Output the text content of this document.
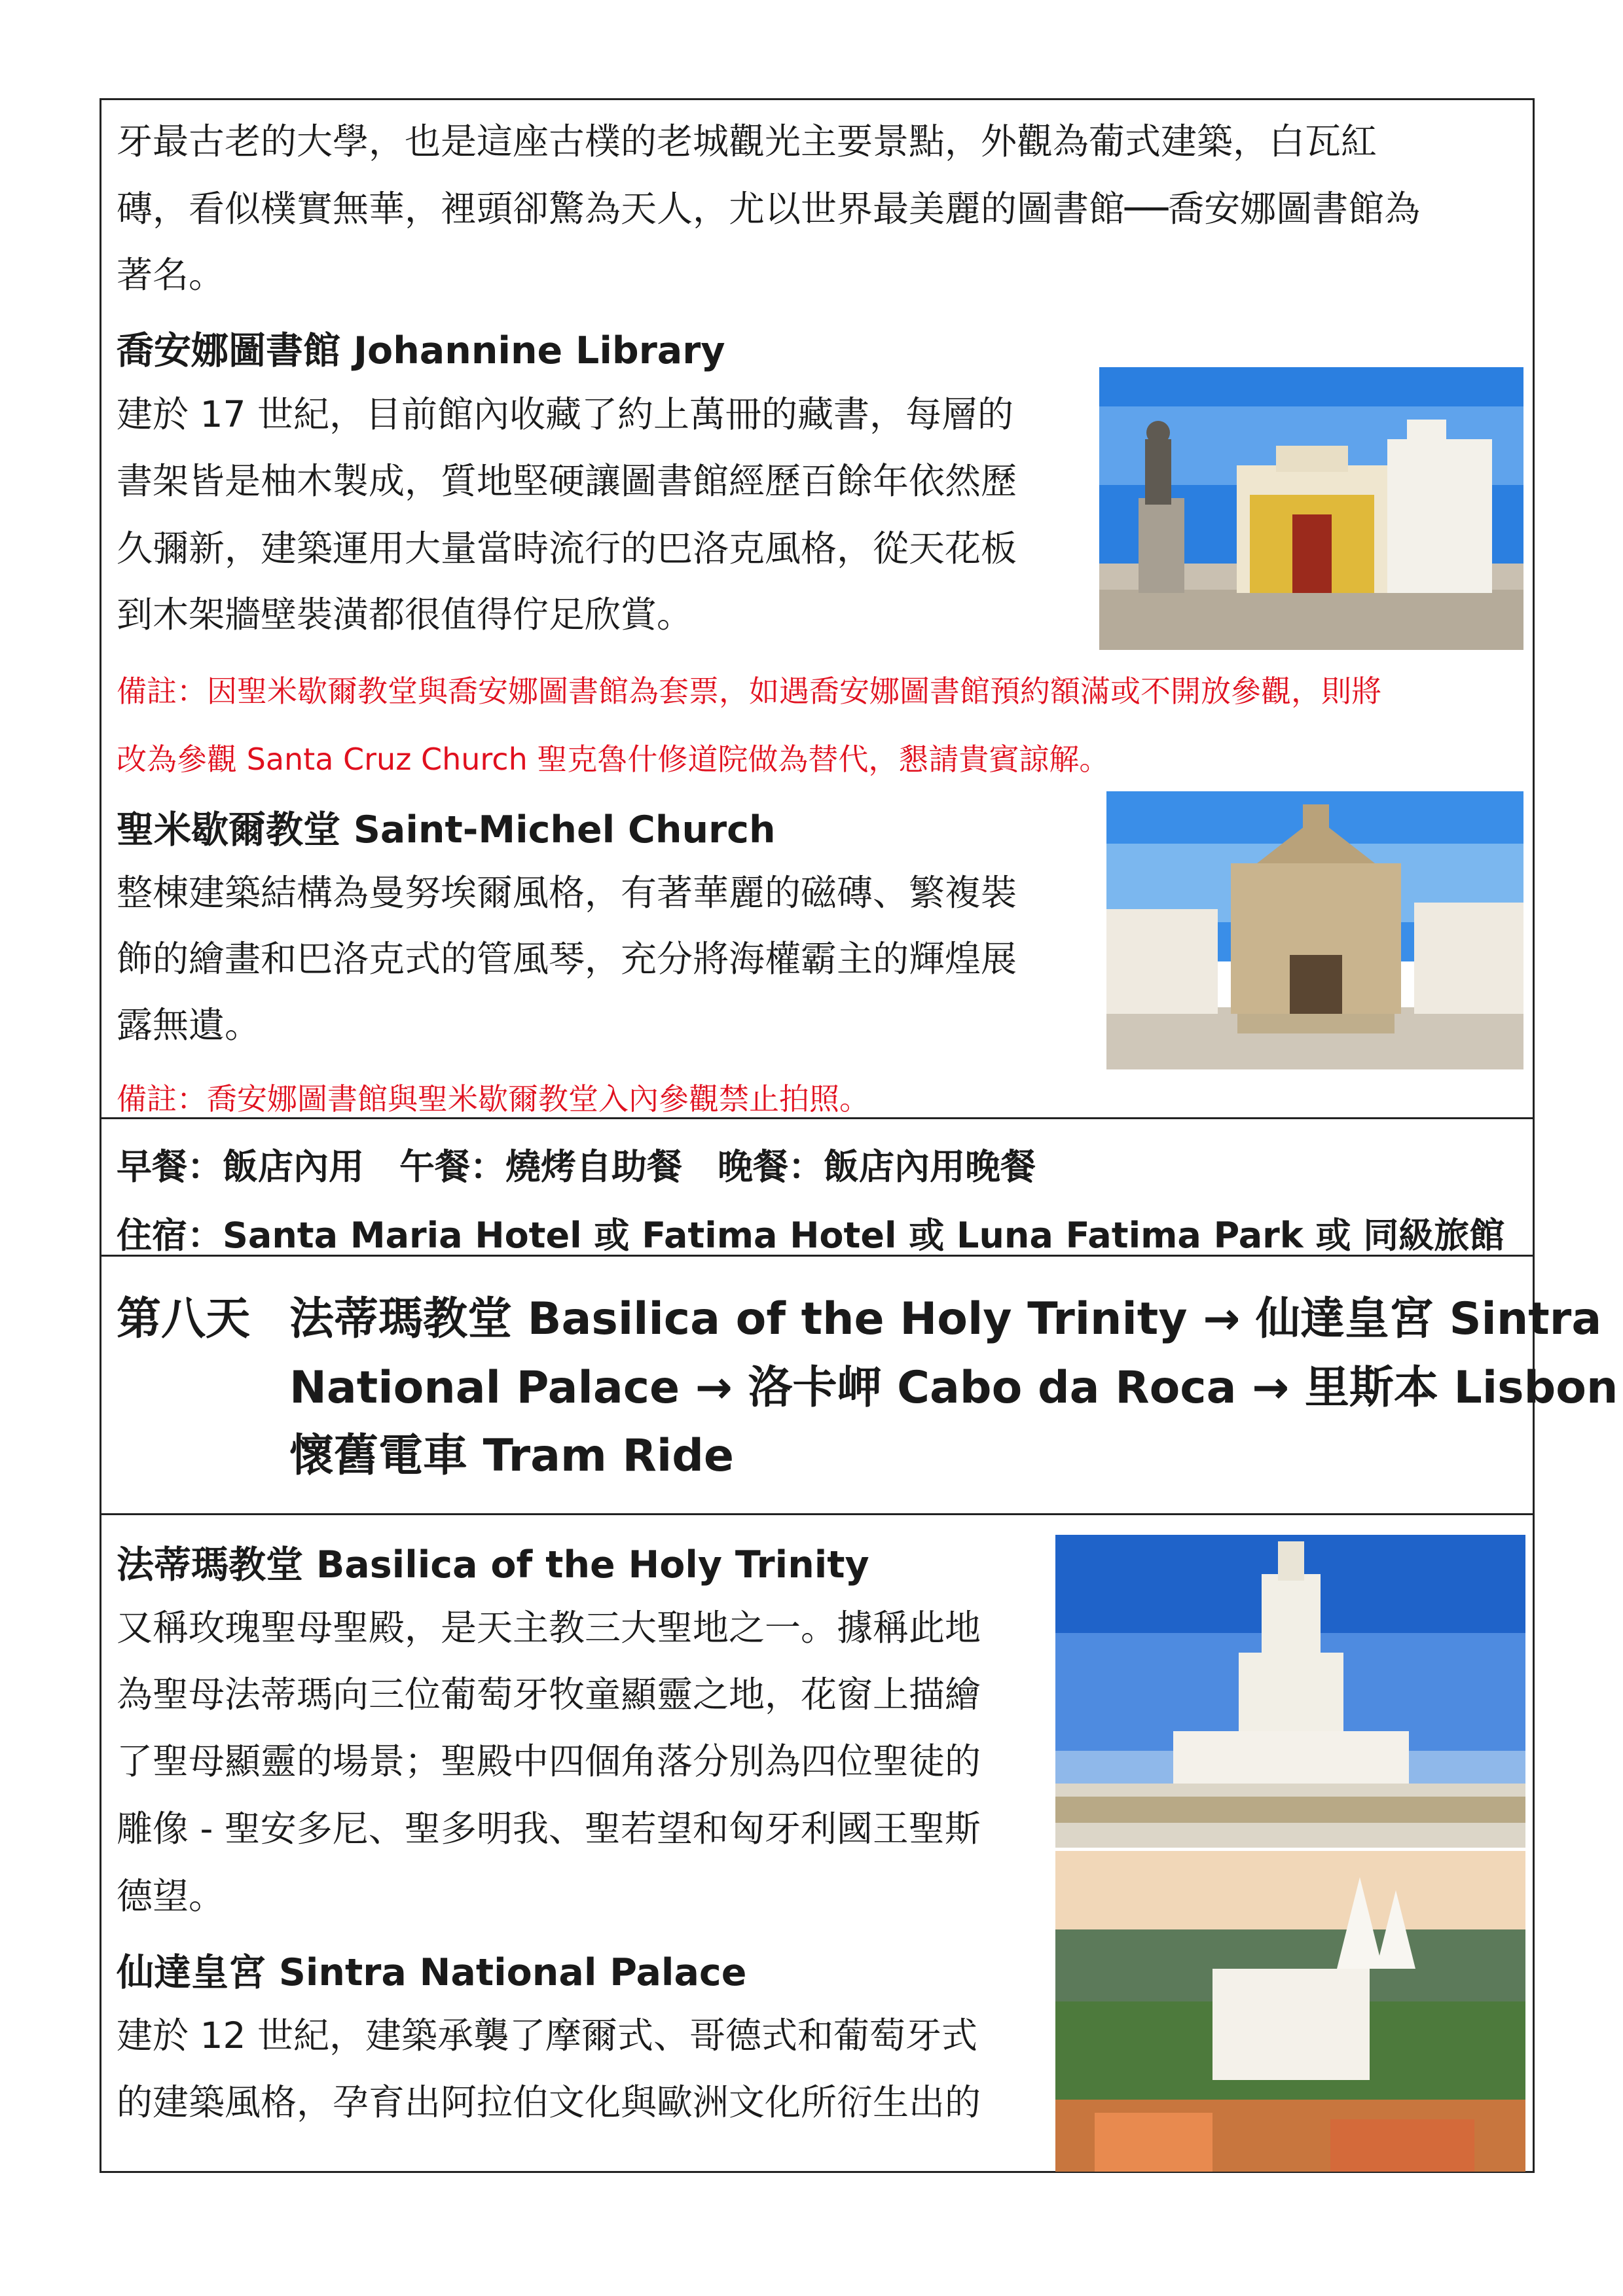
牙最古老的大學，也是這座古樸的老城觀光主要景點，外觀為葡式建築，白瓦紅
磚，看似樸實無華，裡頭卻驚為天人，尤以世界最美麗的圖書館──喬安娜圖書館為
著名。
喬安娜圖書館 Johannine Library
建於 17 世紀，目前館內收藏了約上萬冊的藏書，每層的
書架皆是柚木製成，質地堅硬讓圖書館經歷百餘年依然歷
久彌新，建築運用大量當時流行的巴洛克風格，從天花板
到木架牆壁裝潢都很值得佇足欣賞。
備註：因聖米歇爾教堂與喬安娜圖書館為套票，如遇喬安娜圖書館預約額滿或不開放參觀，則將
改為參觀 Santa Cruz Church 聖克魯什修道院做為替代，懇請貴賓諒解。
聖米歇爾教堂 Saint-Michel Church
整棟建築結構為曼努埃爾風格，有著華麗的磁磚、繁複裝
飾的繪畫和巴洛克式的管風琴，充分將海權霸主的輝煌展
露無遺。
備註：喬安娜圖書館與聖米歇爾教堂入內參觀禁止拍照。
早餐：飯店內用　午餐：燒烤自助餐　晚餐：飯店內用晚餐
住宿：Santa Maria Hotel 或 Fatima Hotel 或 Luna Fatima Park 或 同級旅館
第八天 法蒂瑪教堂 Basilica of the Holy Trinity → 仙達皇宮 Sintra
National Palace → 洛卡岬 Cabo da Roca → 里斯本 Lisbon
懷舊電車 Tram Ride
法蒂瑪教堂 Basilica of the Holy Trinity
又稱玫瑰聖母聖殿，是天主教三大聖地之一。據稱此地
為聖母法蒂瑪向三位葡萄牙牧童顯靈之地，花窗上描繪
了聖母顯靈的場景；聖殿中四個角落分別為四位聖徒的
雕像 - 聖安多尼、聖多明我、聖若望和匈牙利國王聖斯
德望。
仙達皇宮 Sintra National Palace
建於 12 世紀，建築承襲了摩爾式、哥德式和葡萄牙式
的建築風格，孕育出阿拉伯文化與歐洲文化所衍生出的
